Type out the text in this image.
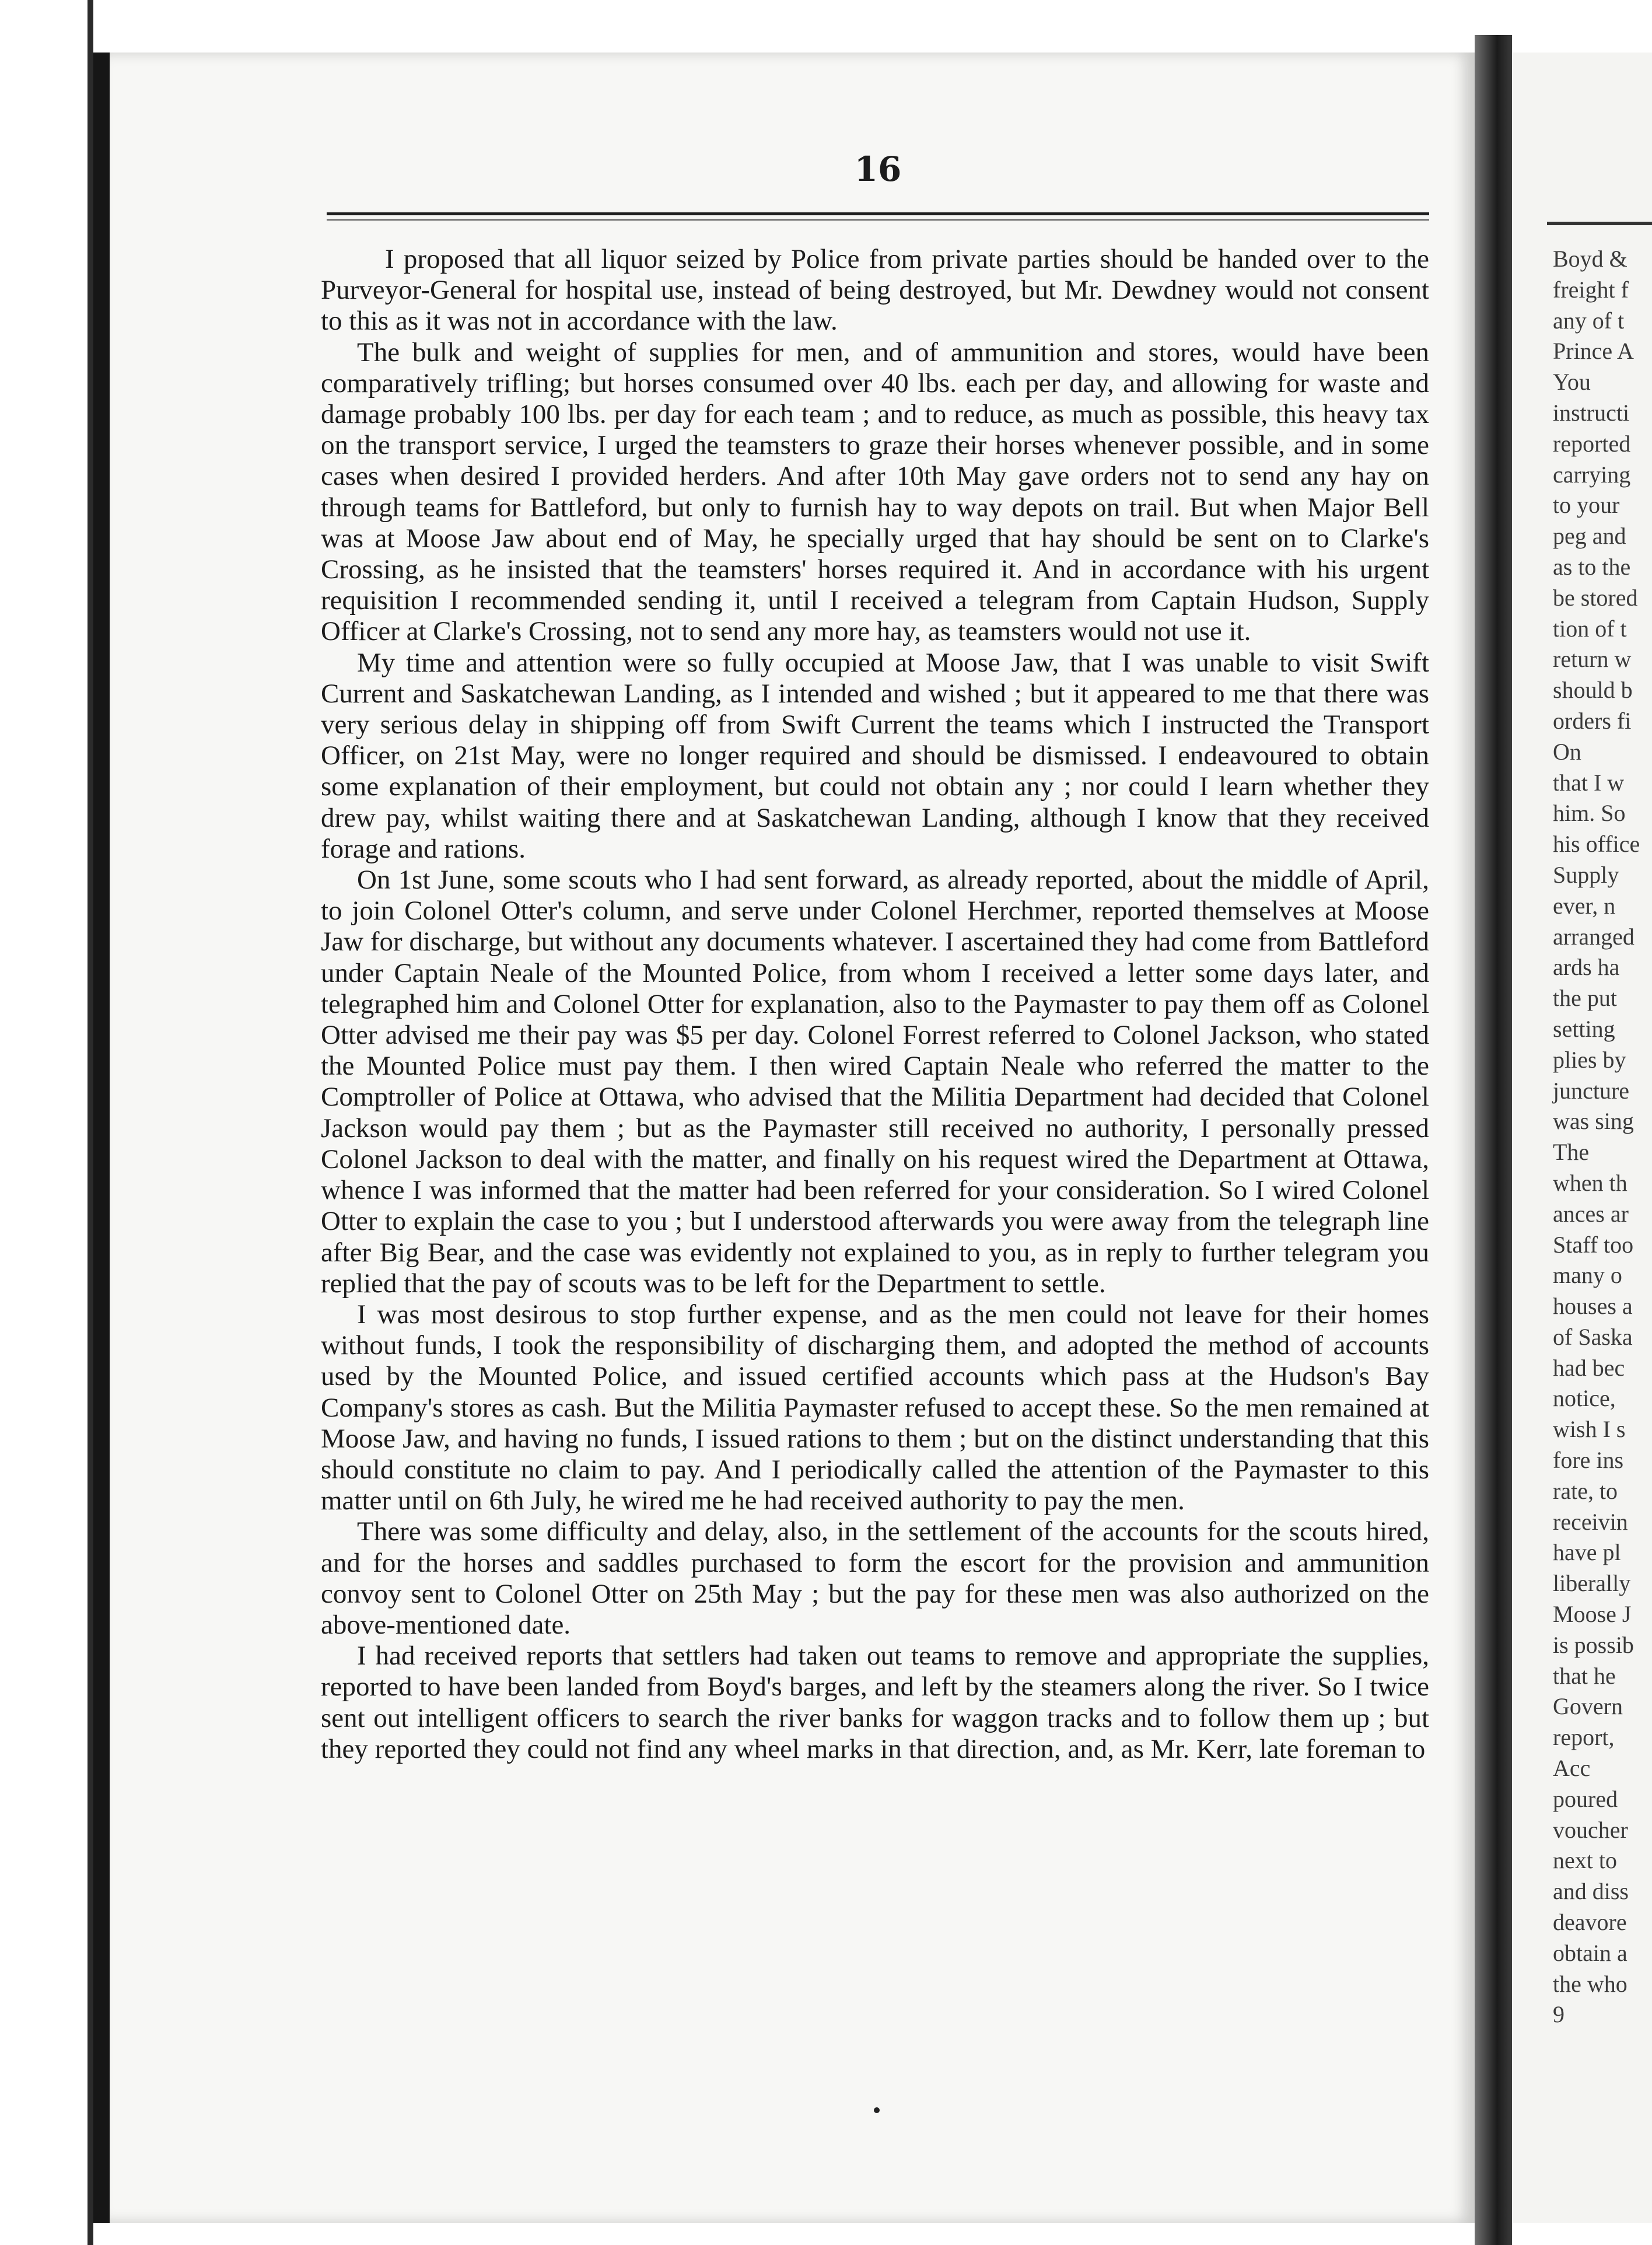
16

I proposed that all liquor seized by Police from private parties should be handed over to the Purveyor-General for hospital use, instead of being destroyed, but Mr. Dewdney would not consent to this as it was not in accordance with the law.

The bulk and weight of supplies for men, and of ammunition and stores, would have been comparatively trifling; but horses consumed over 40 lbs. each per day, and allowing for waste and damage probably 100 lbs. per day for each team ; and to reduce, as much as possible, this heavy tax on the transport service, I urged the teamsters to graze their horses whenever possible, and in some cases when desired I provided herders. And after 10th May gave orders not to send any hay on through teams for Battleford, but only to furnish hay to way depots on trail. But when Major Bell was at Moose Jaw about end of May, he specially urged that hay should be sent on to Clarke's Crossing, as he insisted that the teamsters' horses required it. And in accordance with his urgent requisition I recommended sending it, until I received a telegram from Captain Hudson, Supply Officer at Clarke's Crossing, not to send any more hay, as teamsters would not use it.

My time and attention were so fully occupied at Moose Jaw, that I was unable to visit Swift Current and Saskatchewan Landing, as I intended and wished ; but it appeared to me that there was very serious delay in shipping off from Swift Current the teams which I instructed the Transport Officer, on 21st May, were no longer required and should be dismissed. I endeavoured to obtain some explanation of their employment, but could not obtain any ; nor could I learn whether they drew pay, whilst waiting there and at Saskatchewan Landing, although I know that they received forage and rations.

On 1st June, some scouts who I had sent forward, as already reported, about the middle of April, to join Colonel Otter's column, and serve under Colonel Herchmer, reported themselves at Moose Jaw for discharge, but without any documents whatever. I ascertained they had come from Battleford under Captain Neale of the Mounted Police, from whom I received a letter some days later, and telegraphed him and Colonel Otter for explanation, also to the Paymaster to pay them off as Colonel Otter advised me their pay was $5 per day. Colonel Forrest referred to Colonel Jackson, who stated the Mounted Police must pay them. I then wired Captain Neale who referred the matter to the Comptroller of Police at Ottawa, who advised that the Militia Department had decided that Colonel Jackson would pay them ; but as the Paymaster still received no authority, I personally pressed Colonel Jackson to deal with the matter, and finally on his request wired the Department at Ottawa, whence I was informed that the matter had been referred for your consideration. So I wired Colonel Otter to explain the case to you ; but I understood afterwards you were away from the telegraph line after Big Bear, and the case was evidently not explained to you, as in reply to further telegram you replied that the pay of scouts was to be left for the Department to settle.

I was most desirous to stop further expense, and as the men could not leave for their homes without funds, I took the responsibility of discharging them, and adopted the method of accounts used by the Mounted Police, and issued certified accounts which pass at the Hudson's Bay Company's stores as cash. But the Militia Paymaster refused to accept these. So the men remained at Moose Jaw, and having no funds, I issued rations to them ; but on the distinct understanding that this should constitute no claim to pay. And I periodically called the attention of the Paymaster to this matter until on 6th July, he wired me he had received authority to pay the men.

There was some difficulty and delay, also, in the settlement of the accounts for the scouts hired, and for the horses and saddles purchased to form the escort for the provision and ammunition convoy sent to Colonel Otter on 25th May ; but the pay for these men was also authorized on the above-mentioned date.

I had received reports that settlers had taken out teams to remove and appropriate the supplies, reported to have been landed from Boyd's barges, and left by the steamers along the river. So I twice sent out intelligent officers to search the river banks for waggon tracks and to follow them up ; but they reported they could not find any wheel marks in that direction, and, as Mr. Kerr, late foreman to

Boyd &
freight f
any of t
Prince A
You
instructi
reported
carrying
to your
peg and
as to the
be stored
tion of t
return w
should b
orders fi
On
that I w
him. So
his office
Supply
ever, n
arranged
ards ha
the put
setting
plies by
juncture
was sing
The
when th
ances ar
Staff too
many o
houses a
of Saska
had bec
notice,
wish I s
fore ins
rate, to
receivin
have pl
liberally
Moose J
is possib
that he
Govern
report,
Acc
poured
voucher
next to
and diss
deavore
obtain a
the who
9
